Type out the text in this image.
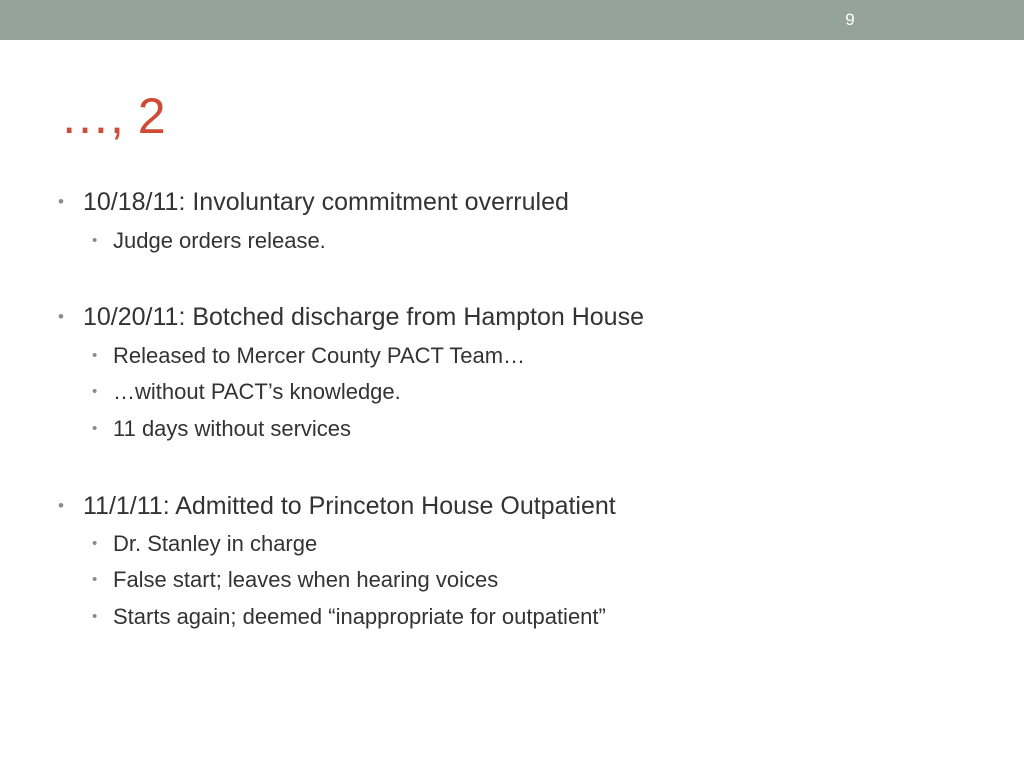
9
…, 2
• 10/18/11: Involuntary commitment overruled
• Judge orders release.
• 10/20/11: Botched discharge from Hampton House
• Released to Mercer County PACT Team…
• …without PACT’s knowledge.
• 11 days without services
• 11/1/11: Admitted to Princeton House Outpatient
• Dr. Stanley in charge
• False start; leaves when hearing voices
• Starts again; deemed “inappropriate for outpatient”
